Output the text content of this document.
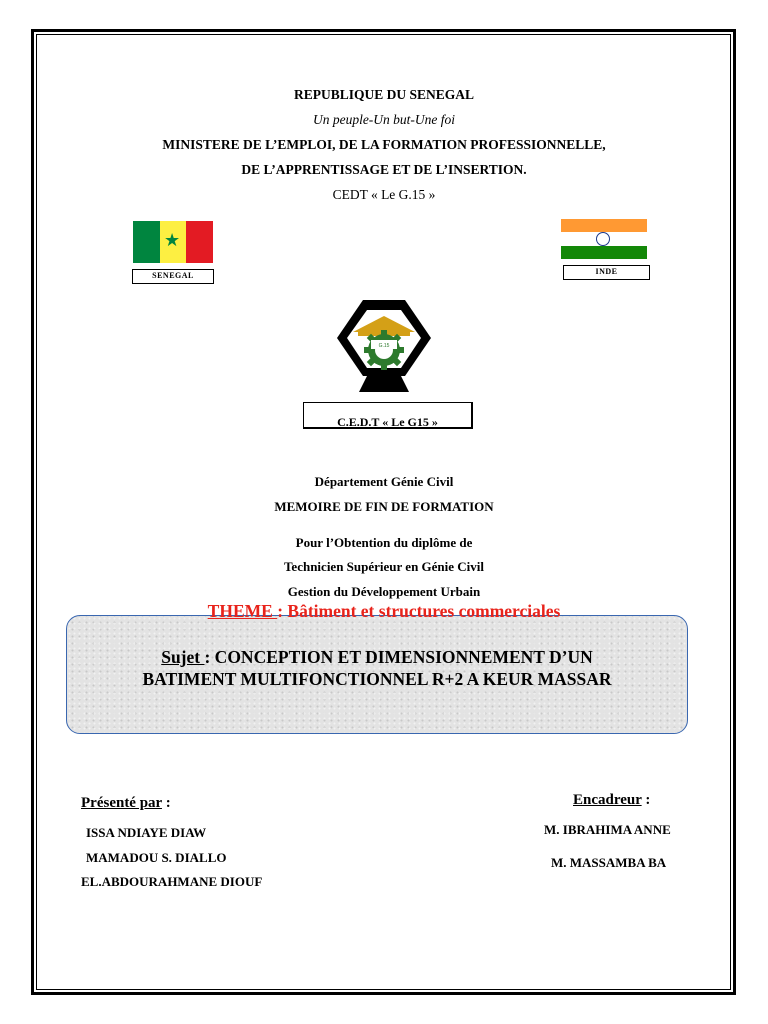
REPUBLIQUE DU SENEGAL
Un peuple-Un but-Une foi
MINISTERE DE L’EMPLOI, DE LA FORMATION PROFESSIONNELLE,
DE L’APPRENTISSAGE ET DE L’INSERTION.
CEDT « Le G.15 »
★
SENEGAL	INDE
G.15
C.E.D.T « Le G15 »
Département Génie Civil
MEMOIRE DE FIN DE FORMATION
Pour l’Obtention du diplôme de
Technicien Supérieur en Génie Civil
Gestion du Développement Urbain
Sujet : CONCEPTION ET DIMENSIONNEMENT D’UN
BATIMENT MULTIFONCTIONNEL R+2 A KEUR MASSAR
THEME : Bâtiment et structures commerciales
Présenté par :
ISSA NDIAYE DIAW
MAMADOU S. DIALLO
EL.ABDOURAHMANE DIOUF
Encadreur :
M. IBRAHIMA ANNE
M. MASSAMBA BA
